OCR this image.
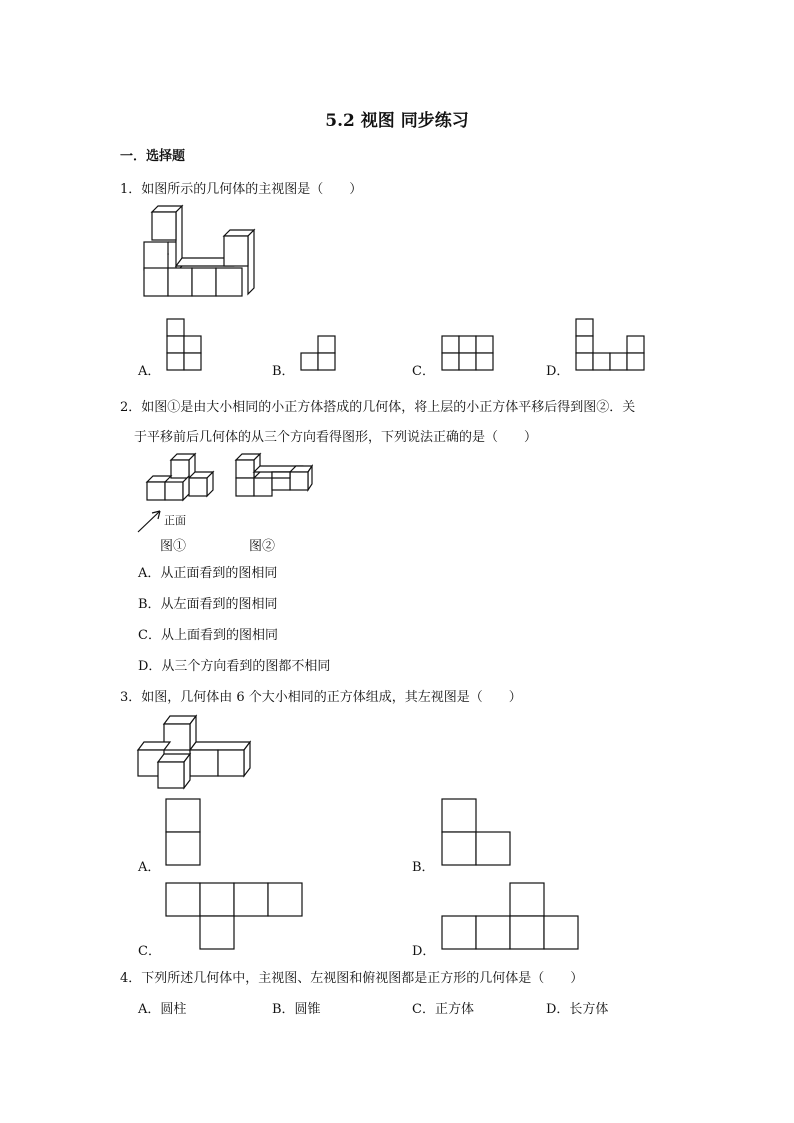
5.2 视图 同步练习
一．选择题
1．如图所示的几何体的主视图是（　　）
A．	B．	C．	D．
2．如图①是由大小相同的小正方体搭成的几何体，将上层的小正方体平移后得到图②．关
于平移前后几何体的从三个方向看得图形，下列说法正确的是（　　）
正面
图①	图②
A．从正面看到的图相同
B．从左面看到的图相同
C．从上面看到的图相同
D．从三个方向看到的图都不相同
3．如图，几何体由 6 个大小相同的正方体组成，其左视图是（　　）
A．	B．
C．	D．
4．下列所述几何体中，主视图、左视图和俯视图都是正方形的几何体是（　　）
A．圆柱	B．圆锥	C．正方体	D．长方体
